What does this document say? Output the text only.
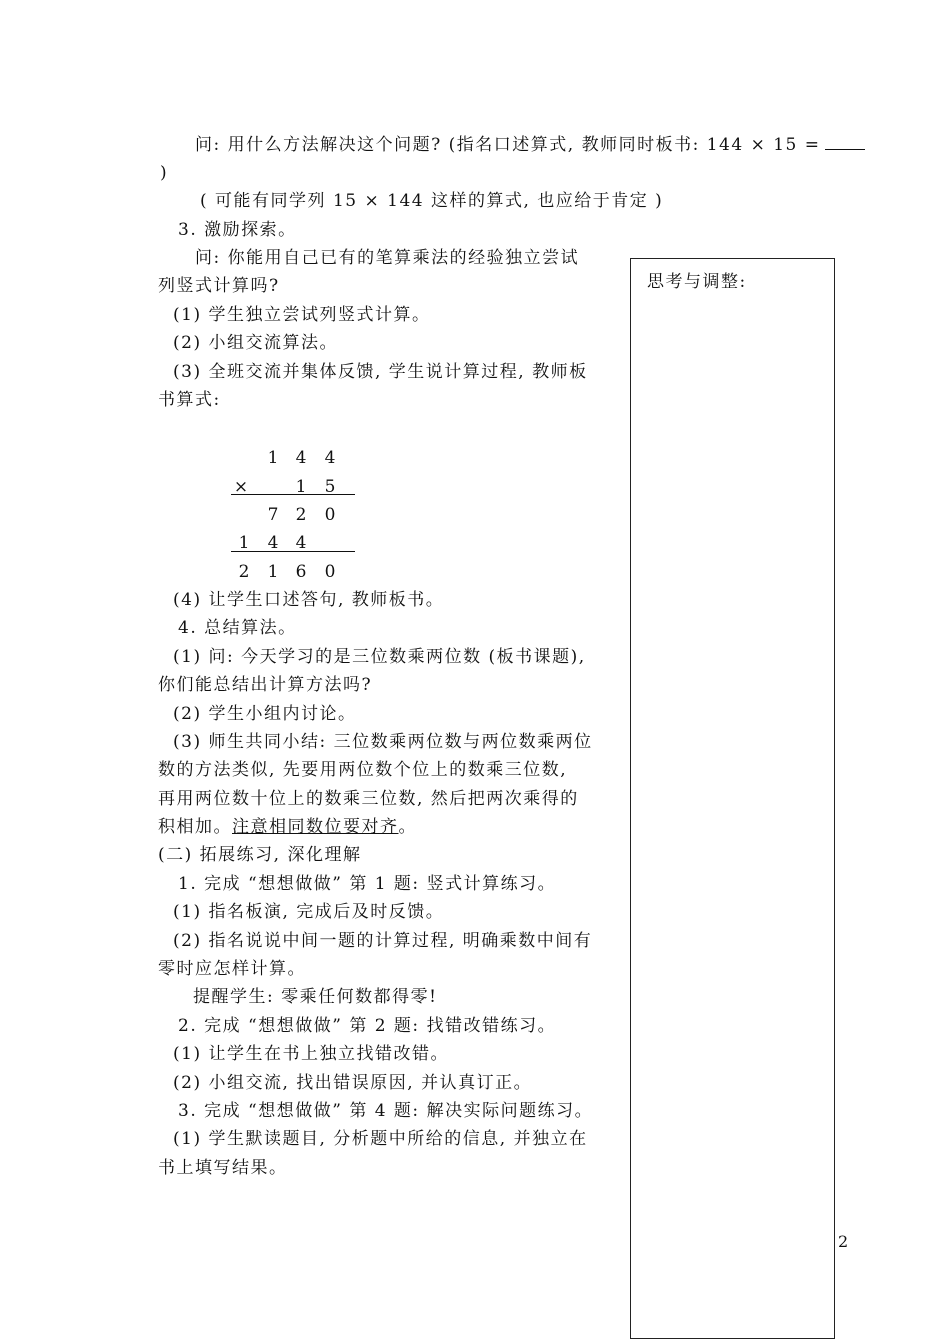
问: 用什么方法解决这个问题? (指名口述算式, 教师同时板书: 144 × 15 =
)
( 可能有同学列 15 × 144 这样的算式, 也应给于肯定 )
3. 激励探索。
问: 你能用自己已有的笔算乘法的经验独立尝试
列竖式计算吗?
(1) 学生独立尝试列竖式计算。
(2) 小组交流算法。
(3) 全班交流并集体反馈, 学生说计算过程, 教师板
书算式:
1 4 4
×	1 5
7 2 0
1 4 4
2 1 6 0
(4) 让学生口述答句, 教师板书。
4. 总结算法。
(1) 问: 今天学习的是三位数乘两位数 (板书课题),
你们能总结出计算方法吗?
(2) 学生小组内讨论。
(3) 师生共同小结: 三位数乘两位数与两位数乘两位
数的方法类似, 先要用两位数个位上的数乘三位数,
再用两位数十位上的数乘三位数, 然后把两次乘得的
积相加。注意相同数位要对齐。
(二) 拓展练习, 深化理解
1. 完成 “想想做做” 第 1 题: 竖式计算练习。
(1) 指名板演, 完成后及时反馈。
(2) 指名说说中间一题的计算过程, 明确乘数中间有
零时应怎样计算。
提醒学生: 零乘任何数都得零!
2. 完成 “想想做做” 第 2 题: 找错改错练习。
(1) 让学生在书上独立找错改错。
(2) 小组交流, 找出错误原因, 并认真订正。
3. 完成 “想想做做” 第 4 题: 解决实际问题练习。
(1) 学生默读题目, 分析题中所给的信息, 并独立在
书上填写结果。
思考与调整:
2
